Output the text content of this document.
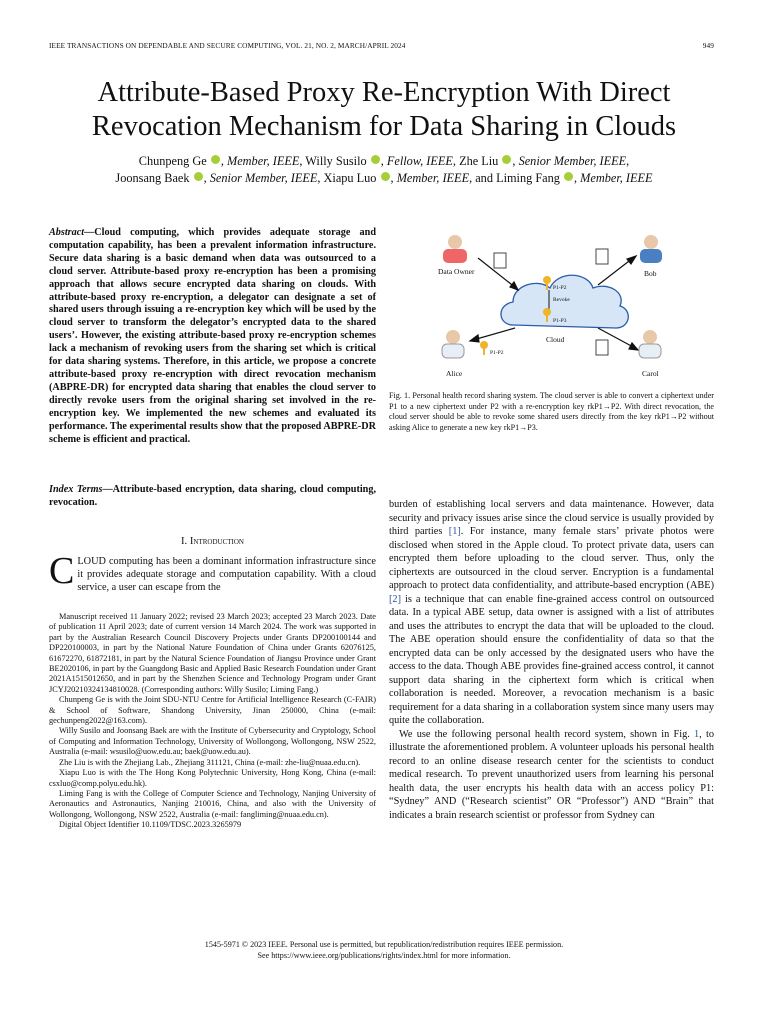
IEEE TRANSACTIONS ON DEPENDABLE AND SECURE COMPUTING, VOL. 21, NO. 2, MARCH/APRIL 2024	949
Attribute-Based Proxy Re-Encryption With Direct
Revocation Mechanism for Data Sharing in Clouds
Chunpeng Ge , Member, IEEE, Willy Susilo , Fellow, IEEE, Zhe Liu , Senior Member, IEEE,
Joonsang Baek , Senior Member, IEEE, Xiapu Luo , Member, IEEE, and Liming Fang , Member, IEEE
Abstract—Cloud computing, which provides adequate storage and computation capability, has been a prevalent information infrastructure. Secure data sharing is a basic demand when data was outsourced to a cloud server. Attribute-based proxy re-encryption has been a promising approach that allows secure encrypted data sharing on clouds. With attribute-based proxy re-encryption, a delegator can designate a set of shared users through issuing a re-encryption key which will be used by the cloud server to transform the delegator’s encrypted data to the shared users’. However, the existing attribute-based proxy re-encryption schemes lack a mechanism of revoking users from the sharing set which is critical for data sharing systems. Therefore, in this article, we propose a concrete attribute-based proxy re-encryption with direct revocation mechanism (ABPRE-DR) for encrypted data sharing that enables the cloud server to directly revoke users from the original sharing set involved in the re-encryption key. We implemented the new schemes and evaluated its performance. The experimental results show that the proposed ABPRE-DR scheme is efficient and practical.
Index Terms—Attribute-based encryption, data sharing, cloud computing, revocation.
I. Introduction
CLOUD computing has been a dominant information infrastructure since it provides adequate storage and computation capability. With a cloud service, a user can escape from the

Manuscript received 11 January 2022; revised 23 March 2023; accepted 23 March 2023. Date of publication 11 April 2023; date of current version 14 March 2024. The work was supported in part by the Australian Research Council Discovery Projects under Grants DP200100144 and DP220100003, in part by the National Nature Foundation of China under Grants 62076125, 61672270, 61872181, in part by the Natural Science Foundation of Jiangsu Province under Grant BE2020106, in part by the Guangdong Basic and Applied Basic Research Foundation under Grant 2021A1515012650, and in part by the Shenzhen Science and Technology Program under Grant JCYJ20210324134810028. (Corresponding authors: Willy Susilo; Liming Fang.)

Chunpeng Ge is with the Joint SDU-NTU Centre for Artificial Intelligence Research (C-FAIR) & School of Software, Shandong University, Jinan 250000, China (e-mail: gechunpeng2022@163.com).

Willy Susilo and Joonsang Baek are with the Institute of Cybersecurity and Cryptology, School of Computing and Information Technology, University of Wollongong, Wollongong, NSW 2522, Australia (e-mail: wsusilo@uow.edu.au; baek@uow.edu.au).

Zhe Liu is with the Zhejiang Lab., Zhejiang 311121, China (e-mail: zhe-liu@nuaa.edu.cn).

Xiapu Luo is with the The Hong Kong Polytechnic University, Hong Kong, China (e-mail: csxluo@comp.polyu.edu.hk).

Liming Fang is with the College of Computer Science and Technology, Nanjing University of Aeronautics and Astronautics, Nanjing 210016, China, and also with the University of Wollongong, Wollongong, NSW 2522, Australia (e-mail: fangliming@nuaa.edu.cn).

Digital Object Identifier 10.1109/TDSC.2023.3265979

Data Owner	Bob
Alice	Carol
Cloud
P1-P2
Revoke
P1-P3
P1-P2
Fig. 1. Personal health record sharing system. The cloud server is able to convert a ciphertext under P1 to a new ciphertext under P2 with a re-encryption key rkP1→P2. With direct revocation, the cloud server should be able to revoke some shared users directly from the key rkP1→P2 without asking Alice to generate a new key rkP1→P3.

burden of establishing local servers and data maintenance. However, data security and privacy issues arise since the cloud service is usually provided by third parties [1]. For instance, many female stars’ private photos were disclosed when stored in the Apple cloud. To protect private data, users can encrypted them before uploading to the cloud server. Thus, only the ciphertexts are outsourced in the cloud server. Encryption is a fundamental approach to protect data confidentiality, and attribute-based encryption (ABE) [2] is a technique that can enable fine-grained access control on outsourced data. In a typical ABE setup, data owner is assigned with a list of attributes and uses the attributes to encrypt the data that will be uploaded to the cloud. The ABE operation should ensure the confidentiality of data so that the encrypted data can be only accessed by the designated users who have the access to the data. Though ABE provides fine-grained access control, it cannot support data sharing in the ciphertext form which is critical when collaboration is needed. Moreover, a revocation mechanism is a basic requirement for a data sharing in a collaboration system since many users may quite the collaboration.

We use the following personal health record system, shown in Fig. 1, to illustrate the aforementioned problem. A volunteer uploads his personal health record to an online disease research center for the scientists to conduct medical research. To prevent unauthorized users from learning his personal health data, the user encrypts his health data with an access policy P1: “Sydney” AND (“Research scientist” OR “Professor”) AND “Brain” that indicates a brain research scientist or professor from Sydney can

1545-5971 © 2023 IEEE. Personal use is permitted, but republication/redistribution requires IEEE permission.
See https://www.ieee.org/publications/rights/index.html for more information.
